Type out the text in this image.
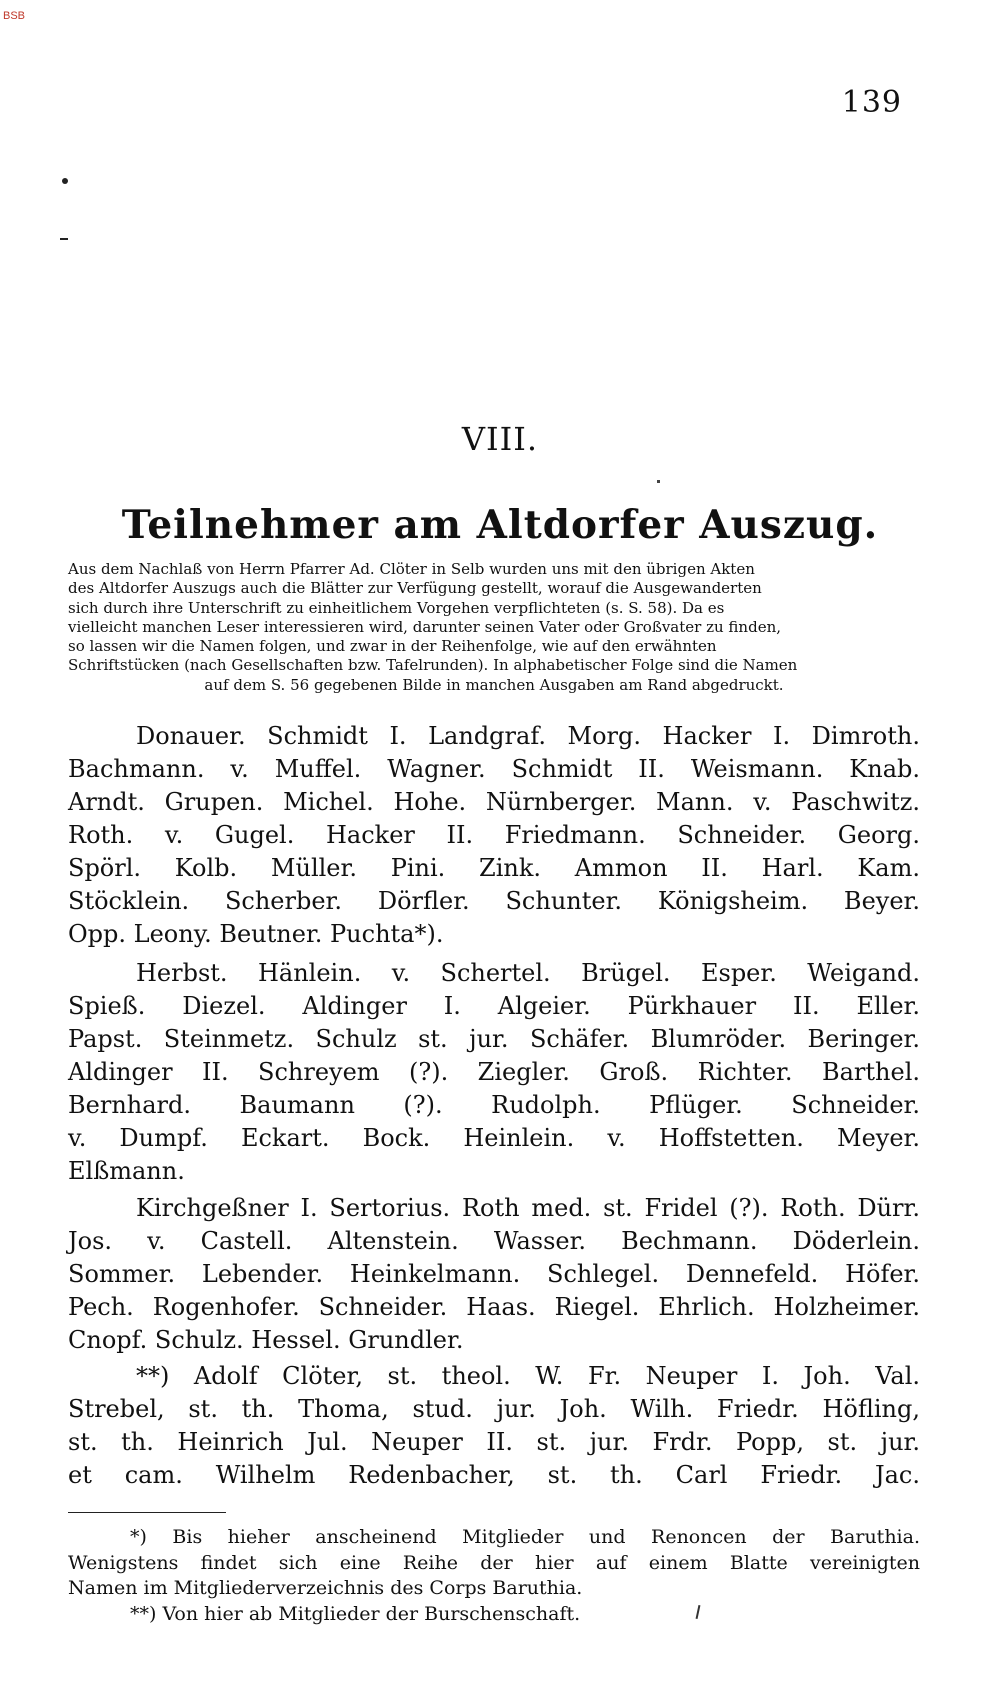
BSB
139
VIII.
Teilnehmer am Altdorfer Auszug.
Aus dem Nachlaß von Herrn Pfarrer Ad. Clöter in Selb wurden uns mit den übrigen Akten
des Altdorfer Auszugs auch die Blätter zur Verfügung gestellt, worauf die Ausgewanderten
sich durch ihre Unterschrift zu einheitlichem Vorgehen verpflichteten (s. S. 58). Da es
vielleicht manchen Leser interessieren wird, darunter seinen Vater oder Großvater zu finden,
so lassen wir die Namen folgen, und zwar in der Reihenfolge, wie auf den erwähnten
Schriftstücken (nach Gesellschaften bzw. Tafelrunden). In alphabetischer Folge sind die Namen
auf dem S. 56 gegebenen Bilde in manchen Ausgaben am Rand abgedruckt.
Donauer. Schmidt I. Landgraf. Morg. Hacker I. Dimroth.
Bachmann. v. Muffel. Wagner. Schmidt II. Weismann. Knab.
Arndt. Grupen. Michel. Hohe. Nürnberger. Mann. v. Paschwitz.
Roth. v. Gugel. Hacker II. Friedmann. Schneider. Georg.
Spörl. Kolb. Müller. Pini. Zink. Ammon II. Harl. Kam.
Stöcklein. Scherber. Dörfler. Schunter. Königsheim. Beyer.
Opp. Leony. Beutner. Puchta*).
Herbst. Hänlein. v. Schertel. Brügel. Esper. Weigand.
Spieß. Diezel. Aldinger I. Algeier. Pürkhauer II. Eller.
Papst. Steinmetz. Schulz st. jur. Schäfer. Blumröder. Beringer.
Aldinger II. Schreyem (?). Ziegler. Groß. Richter. Barthel.
Bernhard. Baumann (?). Rudolph. Pflüger. Schneider.
v. Dumpf. Eckart. Bock. Heinlein. v. Hoffstetten. Meyer.
Elßmann.
Kirchgeßner I. Sertorius. Roth med. st. Fridel (?). Roth. Dürr.
Jos. v. Castell. Altenstein. Wasser. Bechmann. Döderlein.
Sommer. Lebender. Heinkelmann. Schlegel. Dennefeld. Höfer.
Pech. Rogenhofer. Schneider. Haas. Riegel. Ehrlich. Holzheimer.
Cnopf. Schulz. Hessel. Grundler.
**) Adolf Clöter, st. theol. W. Fr. Neuper I. Joh. Val.
Strebel, st. th. Thoma, stud. jur. Joh. Wilh. Friedr. Höfling,
st. th. Heinrich Jul. Neuper II. st. jur. Frdr. Popp, st. jur.
et cam. Wilhelm Redenbacher, st. th. Carl Friedr. Jac.
*) Bis hieher anscheinend Mitglieder und Renoncen der Baruthia.
Wenigstens findet sich eine Reihe der hier auf einem Blatte vereinigten
Namen im Mitgliederverzeichnis des Corps Baruthia.
**) Von hier ab Mitglieder der Burschenschaft.
